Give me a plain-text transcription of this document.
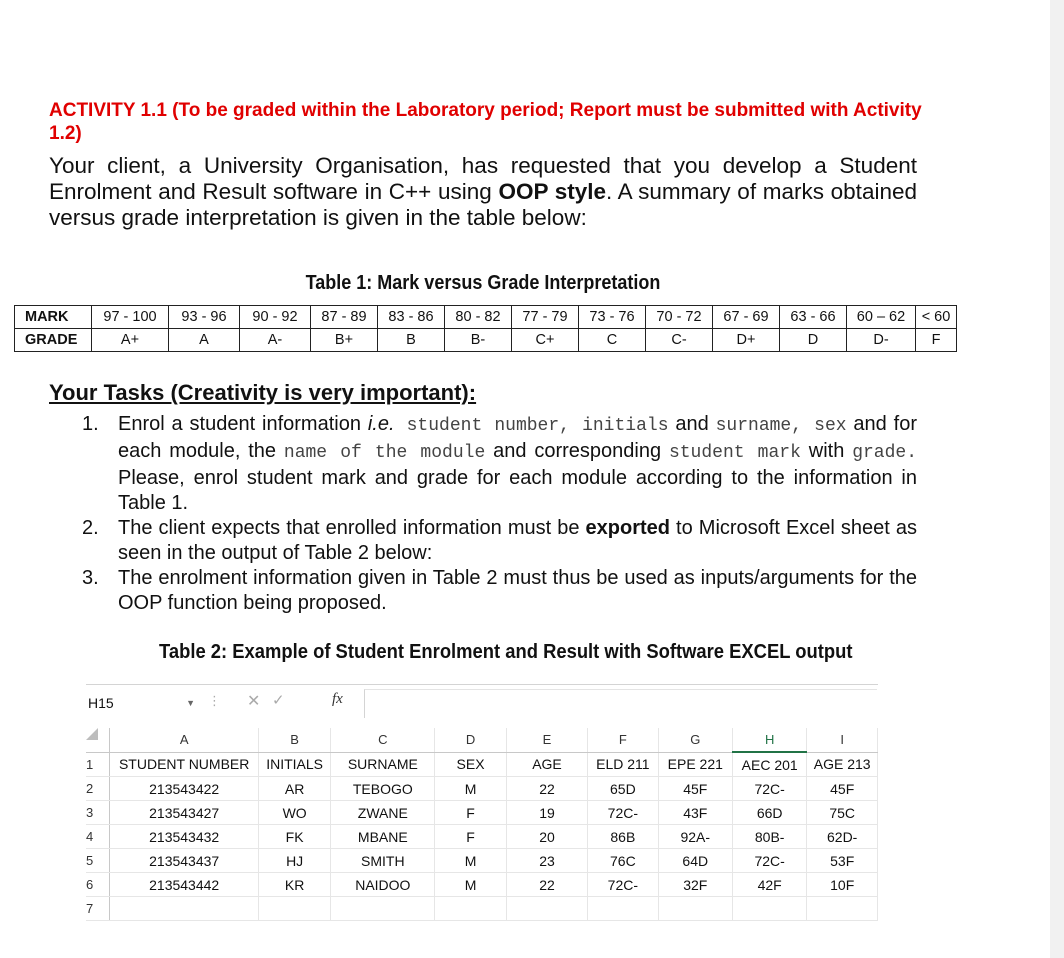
ACTIVITY 1.1 (To be graded within the Laboratory period; Report must be submitted with Activity 1.2)
Your client, a University Organisation, has requested that you develop a Student Enrolment and Result software in C++ using OOP style. A summary of marks obtained versus grade interpretation is given in the table below:
Table 1: Mark versus Grade Interpretation
MARK	97 - 100	93 - 96	90 - 92	87 - 89	83 - 86	80 - 82	77 - 79	73 - 76	70 - 72	67 - 69	63 - 66	60 – 62	< 60
GRADE	A+	A	A-	B+	B	B-	C+	C	C-	D+	D	D-	F
Your Tasks (Creativity is very important):
1. Enrol a student information i.e. student number, initials and surname, sex and for each module, the name of the module and corresponding student mark with grade. Please, enrol student mark and grade for each module according to the information in Table 1.
2. The client expects that enrolled information must be exported to Microsoft Excel sheet as seen in the output of Table 2 below:
3. The enrolment information given in Table 2 must thus be used as inputs/arguments for the OOP function being proposed.
Table 2: Example of Student Enrolment and Result with Software EXCEL output
H15	▼ ⋮ ✕ ✓	fx
	A	B	C	D	E	F	G	H	I
1	STUDENT NUMBER	INITIALS	SURNAME	SEX	AGE	ELD 211	EPE 221	AEC 201	AGE 213
2	213543422	AR	TEBOGO	M	22	65D	45F	72C-	45F
3	213543427	WO	ZWANE	F	19	72C-	43F	66D	75C
4	213543432	FK	MBANE	F	20	86B	92A-	80B-	62D-
5	213543437	HJ	SMITH	M	23	76C	64D	72C-	53F
6	213543442	KR	NAIDOO	M	22	72C-	32F	42F	10F
7									
